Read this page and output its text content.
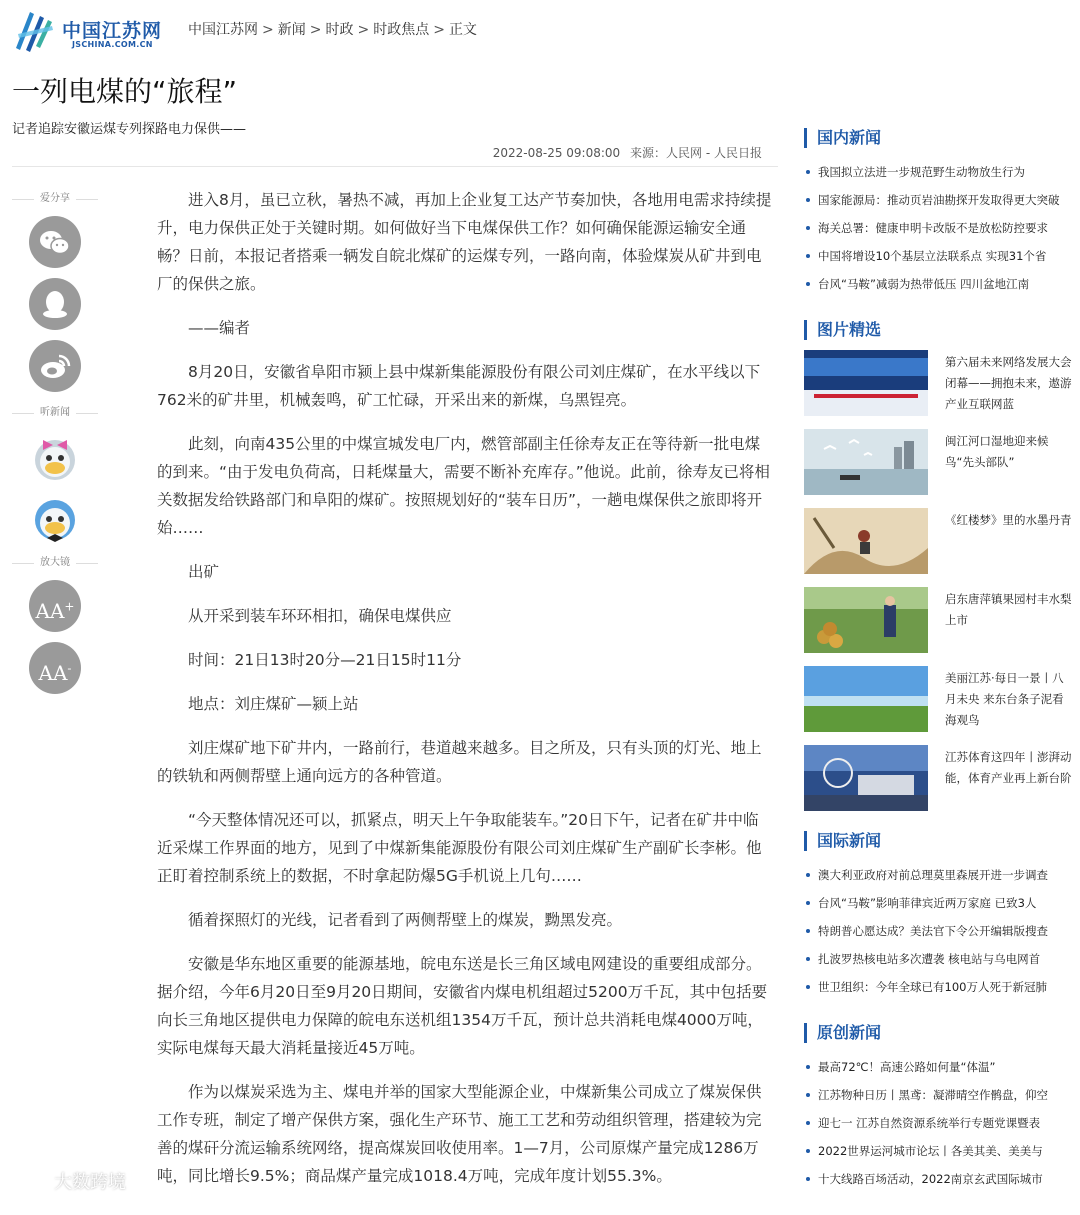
中国江苏网
JSCHINA.COM.CN
中国江苏网 > 新闻 > 时政 > 时政焦点 > 正文
一列电煤的“旅程”
记者追踪安徽运煤专列探路电力保供——
2022-08-25 09:08:00 来源：人民网 - 人民日报
爱分享
听新闻
放大镜
AA+
AA-

进入8月，虽已立秋，暑热不减，再加上企业复工达产节奏加快，各地用电需求持续提升，电力保供正处于关键时期。如何做好当下电煤保供工作？如何确保能源运输安全通畅？日前，本报记者搭乘一辆发自皖北煤矿的运煤专列，一路向南，体验煤炭从矿井到电厂的保供之旅。

——编者

8月20日，安徽省阜阳市颍上县中煤新集能源股份有限公司刘庄煤矿，在水平线以下762米的矿井里，机械轰鸣，矿工忙碌，开采出来的新煤，乌黑锃亮。

此刻，向南435公里的中煤宣城发电厂内，燃管部副主任徐寿友正在等待新一批电煤的到来。“由于发电负荷高，日耗煤量大，需要不断补充库存。”他说。此前，徐寿友已将相关数据发给铁路部门和阜阳的煤矿。按照规划好的“装车日历”，一趟电煤保供之旅即将开始……

出矿

从开采到装车环环相扣，确保电煤供应

时间：21日13时20分—21日15时11分

地点：刘庄煤矿—颍上站

刘庄煤矿地下矿井内，一路前行，巷道越来越多。目之所及，只有头顶的灯光、地上的铁轨和两侧帮壁上通向远方的各种管道。

“今天整体情况还可以，抓紧点，明天上午争取能装车。”20日下午，记者在矿井中临近采煤工作界面的地方，见到了中煤新集能源股份有限公司刘庄煤矿生产副矿长李彬。他正盯着控制系统上的数据，不时拿起防爆5G手机说上几句……

循着探照灯的光线，记者看到了两侧帮壁上的煤炭，黝黑发亮。

安徽是华东地区重要的能源基地，皖电东送是长三角区域电网建设的重要组成部分。据介绍，今年6月20日至9月20日期间，安徽省内煤电机组超过5200万千瓦，其中包括要向长三角地区提供电力保障的皖电东送机组1354万千瓦，预计总共消耗电煤4000万吨，实际电煤每天最大消耗量接近45万吨。

作为以煤炭采选为主、煤电并举的国家大型能源企业，中煤新集公司成立了煤炭保供工作专班，制定了增产保供方案，强化生产环节、施工工艺和劳动组织管理，搭建较为完善的煤矸分流运输系统网络，提高煤炭回收使用率。1—7月，公司原煤产量完成1286万吨，同比增长9.5%；商品煤产量完成1018.4万吨，完成年度计划55.3%。

国内新闻
我国拟立法进一步规范野生动物放生行为
国家能源局：推动页岩油勘探开发取得更大突破
海关总署：健康申明卡改版不是放松防控要求
中国将增设10个基层立法联系点 实现31个省
台风“马鞍”减弱为热带低压 四川盆地江南
图片精选
第六届未来网络发展大会闭幕——拥抱未来，遨游产业互联网蓝
闽江河口湿地迎来候鸟“先头部队”
《红楼梦》里的水墨丹青
启东唐萍镇果园村丰水梨上市
美丽江苏·每日一景丨八月未央 来东台条子泥看海观鸟
江苏体育这四年丨澎湃动能，体育产业再上新台阶
国际新闻
澳大利亚政府对前总理莫里森展开进一步调查
台风“马鞍”影响菲律宾近两万家庭 已致3人
特朗普心愿达成？美法官下令公开编辑版搜查
扎波罗热核电站多次遭袭 核电站与乌电网首
世卫组织：今年全球已有100万人死于新冠肺
原创新闻
最高72℃！高速公路如何量“体温”
江苏物种日历丨黑鸢：凝滞晴空作鹘盘，仰空
迎七一 江苏自然资源系统举行专题党课暨表
2022世界运河城市论坛丨各美其美、美美与
十大线路百场活动，2022南京玄武国际城市
大数跨境
